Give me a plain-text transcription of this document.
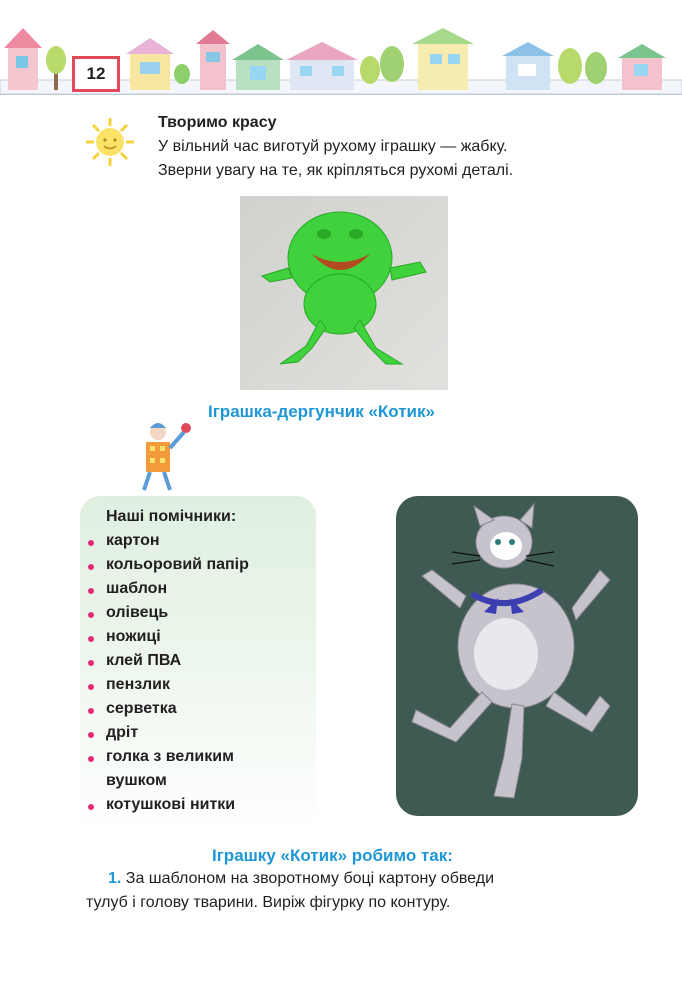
12
Творимо красу
У вільний час виготуй рухому іграшку — жабку.
Зверни увагу на те, як кріпляться рухомі деталі.
Іграшка-дергунчик «Котик»
Наші помічники:
картон
кольоровий папір
шаблон
олівець
ножиці
клей ПВА
пензлик
серветка
дріт
голка з великим
вушком
котушкові нитки
Іграшку «Котик» робимо так:
1. За шаблоном на зворотному боці картону обведи
тулуб і голову тварини. Виріж фігурку по контуру.
